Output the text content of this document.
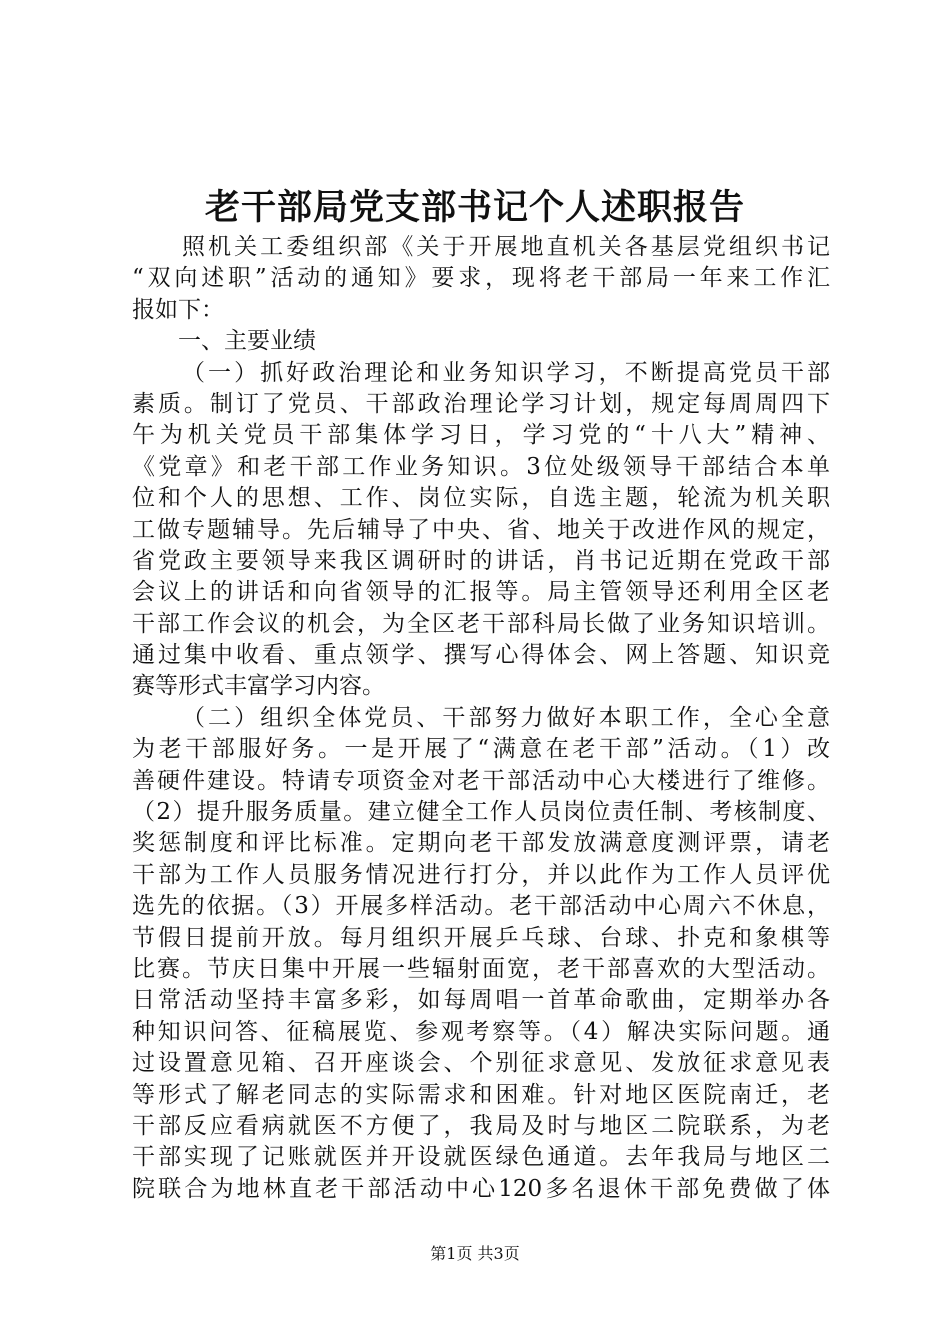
老干部局党支部书记个人述职报告
照机关工委组织部《关于开展地直机关各基层党组织书记
“双向述职”活动的通知》要求，现将老干部局一年来工作汇
报如下：
一、主要业绩
（一）抓好政治理论和业务知识学习，不断提高党员干部
素质。制订了党员、干部政治理论学习计划，规定每周周四下
午为机关党员干部集体学习日，学习党的“十八大”精神、
《党章》和老干部工作业务知识。3位处级领导干部结合本单
位和个人的思想、工作、岗位实际，自选主题，轮流为机关职
工做专题辅导。先后辅导了中央、省、地关于改进作风的规定，
省党政主要领导来我区调研时的讲话，肖书记近期在党政干部
会议上的讲话和向省领导的汇报等。局主管领导还利用全区老
干部工作会议的机会，为全区老干部科局长做了业务知识培训。
通过集中收看、重点领学、撰写心得体会、网上答题、知识竞
赛等形式丰富学习内容。
（二）组织全体党员、干部努力做好本职工作，全心全意
为老干部服好务。一是开展了“满意在老干部”活动。（1）改
善硬件建设。特请专项资金对老干部活动中心大楼进行了维修。
（2）提升服务质量。建立健全工作人员岗位责任制、考核制度、
奖惩制度和评比标准。定期向老干部发放满意度测评票，请老
干部为工作人员服务情况进行打分，并以此作为工作人员评优
选先的依据。（3）开展多样活动。老干部活动中心周六不休息，
节假日提前开放。每月组织开展乒乓球、台球、扑克和象棋等
比赛。节庆日集中开展一些辐射面宽，老干部喜欢的大型活动。
日常活动坚持丰富多彩，如每周唱一首革命歌曲，定期举办各
种知识问答、征稿展览、参观考察等。（4）解决实际问题。通
过设置意见箱、召开座谈会、个别征求意见、发放征求意见表
等形式了解老同志的实际需求和困难。针对地区医院南迁，老
干部反应看病就医不方便了，我局及时与地区二院联系，为老
干部实现了记账就医并开设就医绿色通道。去年我局与地区二
院联合为地林直老干部活动中心120多名退休干部免费做了体
第1页 共3页
